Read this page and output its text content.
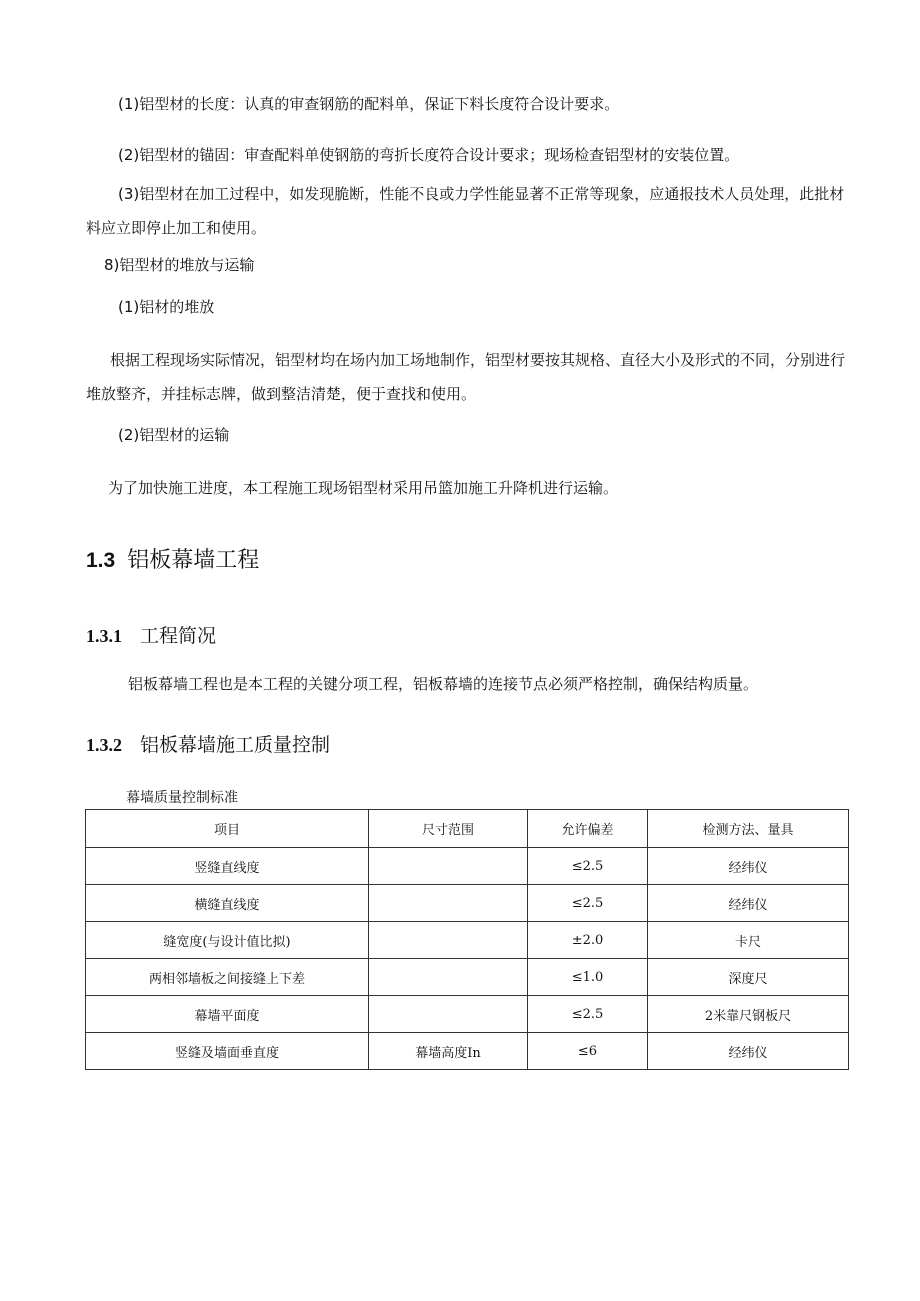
(1)铝型材的长度：认真的审查钢筋的配料单，保证下料长度符合设计要求。

(2)铝型材的锚固：审查配料单使钢筋的弯折长度符合设计要求；现场检查铝型材的安装位置。

(3)铝型材在加工过程中，如发现脆断，性能不良或力学性能显著不正常等现象，应通报技术人员处理，此批材料应立即停止加工和使用。

8)铝型材的堆放与运输

(1)铝材的堆放

根据工程现场实际情况，铝型材均在场内加工场地制作，铝型材要按其规格、直径大小及形式的不同，分别进行堆放整齐，并挂标志牌，做到整洁清楚，便于查找和使用。

(2)铝型材的运输

为了加快施工进度，本工程施工现场铝型材采用吊篮加施工升降机进行运输。

1.3 铝板幕墙工程
1.3.1 工程简况

铝板幕墙工程也是本工程的关键分项工程，铝板幕墙的连接节点必须严格控制，确保结构质量。

1.3.2 铝板幕墙施工质量控制

幕墙质量控制标准

项目	尺寸范围	允许偏差	检测方法、量具
竖缝直线度		≤2.5	经纬仪
横缝直线度		≤2.5	经纬仪
缝宽度(与设计值比拟)		±2.0	卡尺
两相邻墙板之间接缝上下差		≤1.0	深度尺
幕墙平面度		≤2.5	2米靠尺钢板尺
竖缝及墙面垂直度	幕墙高度In	≤6	经纬仪
